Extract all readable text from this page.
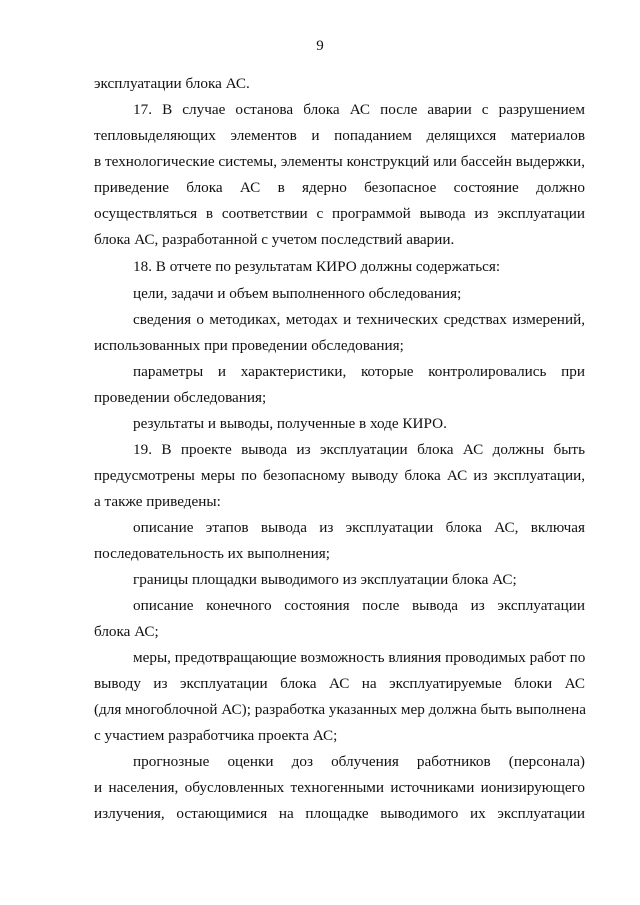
9
эксплуатации блока АС.
17. В случае останова блока АС после аварии с разрушением
тепловыделяющих элементов и попаданием делящихся материалов
в технологические системы, элементы конструкций или бассейн выдержки,
приведение блока АС в ядерно безопасное состояние должно
осуществляться в соответствии с программой вывода из эксплуатации
блока АС, разработанной с учетом последствий аварии.
18. В отчете по результатам КИРО должны содержаться:
цели, задачи и объем выполненного обследования;
сведения о методиках, методах и технических средствах измерений,
использованных при проведении обследования;
параметры и характеристики, которые контролировались при
проведении обследования;
результаты и выводы, полученные в ходе КИРО.
19. В проекте вывода из эксплуатации блока АС должны быть
предусмотрены меры по безопасному выводу блока АС из эксплуатации,
а также приведены:
описание этапов вывода из эксплуатации блока АС, включая
последовательность их выполнения;
границы площадки выводимого из эксплуатации блока АС;
описание конечного состояния после вывода из эксплуатации
блока АС;
меры, предотвращающие возможность влияния проводимых работ по
выводу из эксплуатации блока АС на эксплуатируемые блоки АС
(для многоблочной АС); разработка указанных мер должна быть выполнена
с участием разработчика проекта АС;
прогнозные оценки доз облучения работников (персонала)
и населения, обусловленных техногенными источниками ионизирующего
излучения, остающимися на площадке выводимого их эксплуатации
